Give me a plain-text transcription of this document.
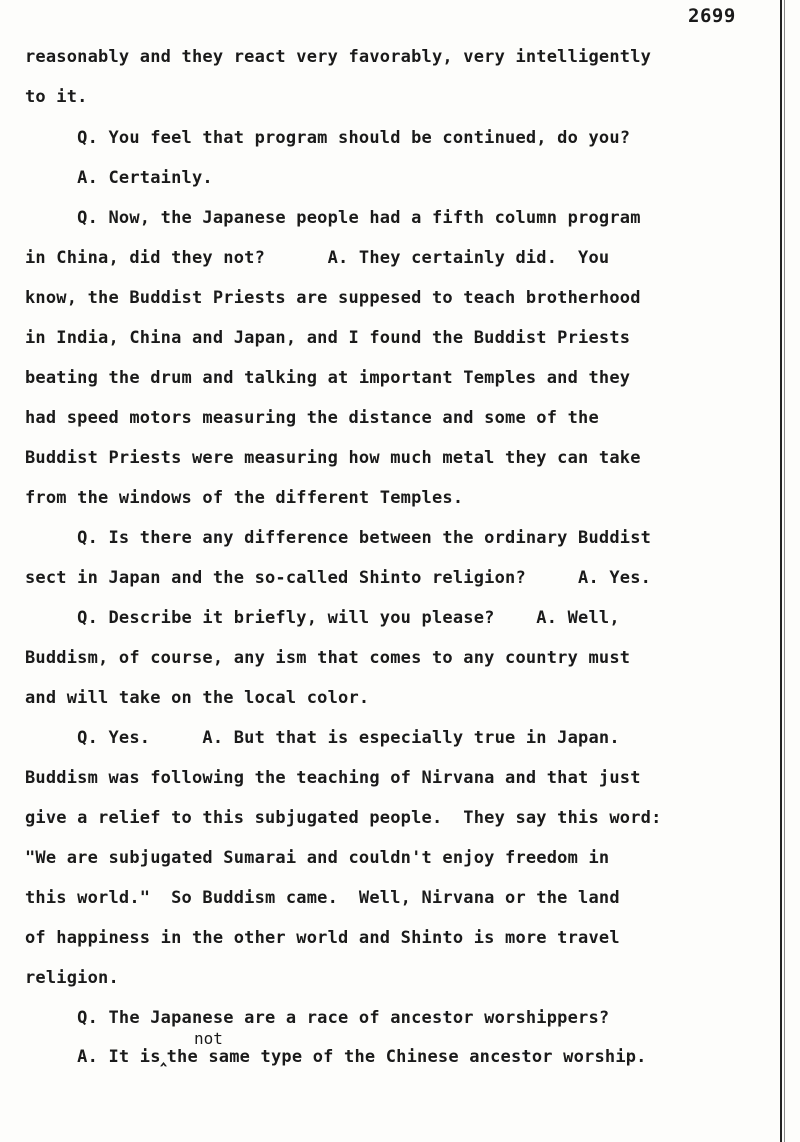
2699
reasonably and they react very favorably, very intelligently
to it.
Q. You feel that program should be continued, do you?
A. Certainly.
Q. Now, the Japanese people had a fifth column program
in China, did they not?      A. They certainly did.  You
know, the Buddist Priests are suppesed to teach brotherhood
in India, China and Japan, and I found the Buddist Priests
beating the drum and talking at important Temples and they
had speed motors measuring the distance and some of the
Buddist Priests were measuring how much metal they can take
from the windows of the different Temples.
Q. Is there any difference between the ordinary Buddist
sect in Japan and the so-called Shinto religion?     A. Yes.
Q. Describe it briefly, will you please?    A. Well,
Buddism, of course, any ism that comes to any country must
and will take on the local color.
Q. Yes.     A. But that is especially true in Japan.
Buddism was following the teaching of Nirvana and that just
give a relief to this subjugated people.  They say this word:
"We are subjugated Sumarai and couldn't enjoy freedom in
this world."  So Buddism came.  Well, Nirvana or the land
of happiness in the other world and Shinto is more travel
religion.
Q. The Japanese are a race of ancestor worshippers?
not
A. It is‸the same type of the Chinese ancestor worship.
